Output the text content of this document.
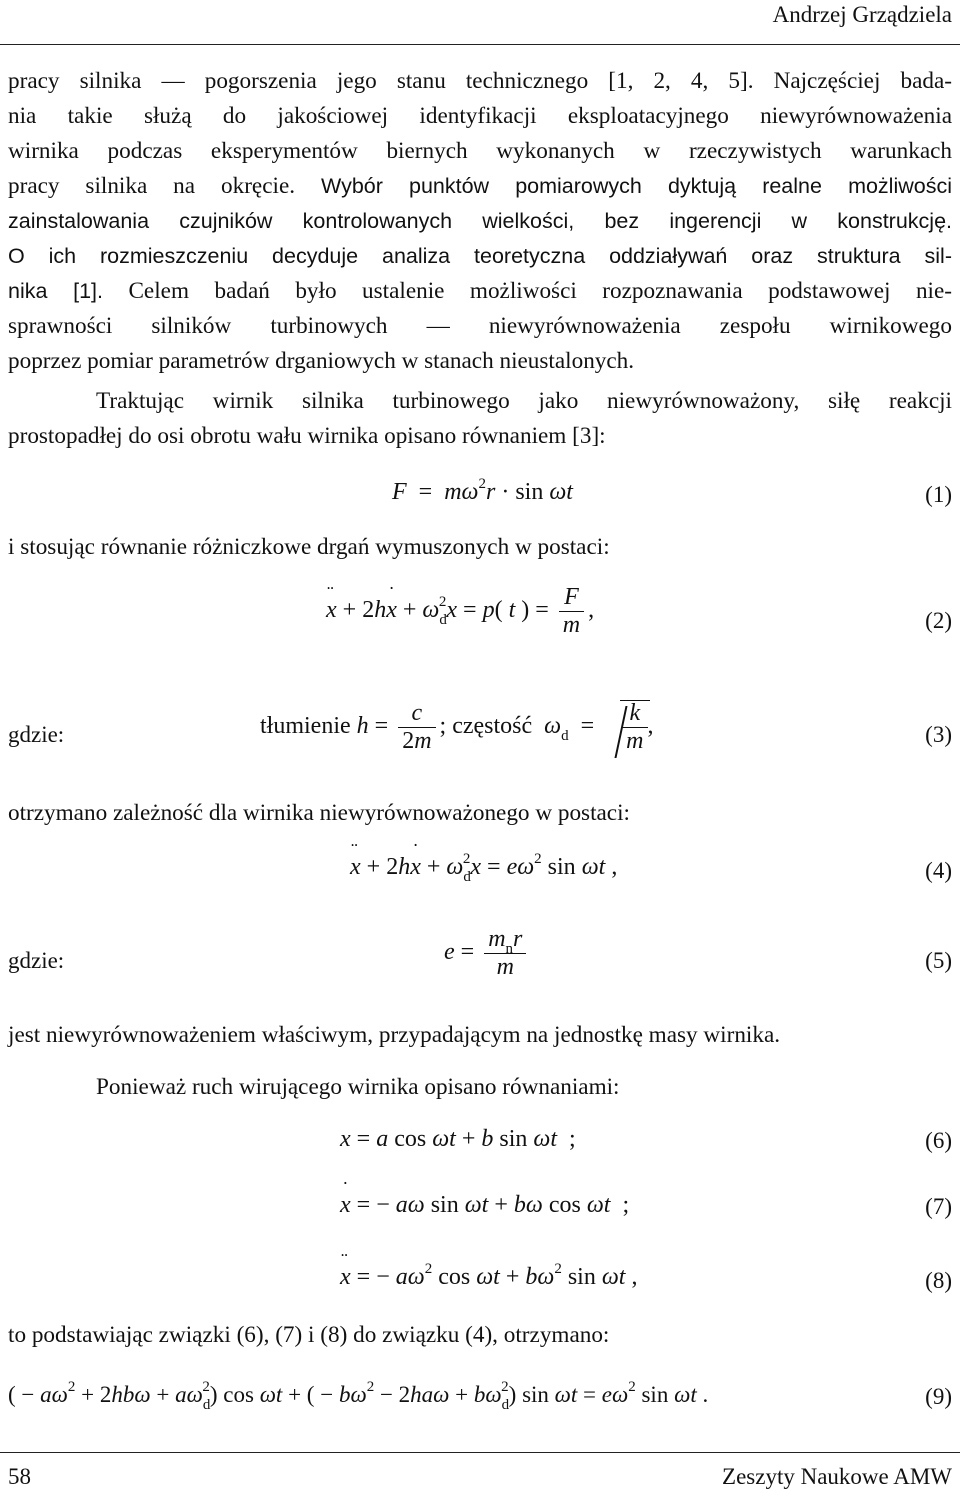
Andrzej Grządziela
pracy silnika — pogorszenia jego stanu technicznego [1, 2, 4, 5]. Najczęściej bada-
nia takie służą do jakościowej identyfikacji eksploatacyjnego niewyrównoważenia
wirnika podczas eksperymentów biernych wykonanych w rzeczywistych warunkach
pracy silnika na okręcie. Wybór punktów pomiarowych dyktują realne możliwości
zainstalowania czujników kontrolowanych wielkości, bez ingerencji w konstrukcję.
O ich rozmieszczeniu decyduje analiza teoretyczna oddziaływań oraz struktura sil-
nika [1]. Celem badań było ustalenie możliwości rozpoznawania podstawowej nie-
sprawności silników turbinowych — niewyrównoważenia zespołu wirnikowego
poprzez pomiar parametrów drganiowych w stanach nieustalonych.
Traktując wirnik silnika turbinowego jako niewyrównoważony, siłę reakcji
prostopadłej do osi obrotu wału wirnika opisano równaniem [3]:
$F = m\omega^2r \cdot \sin \omega t$	(1)
i stosując równanie różniczkowe drgań wymuszonych w postaci:
¨ x + 2h˙ $x + \omega_d^2x = p$( t ) = $\frac{F}{m}$ ,	(2)
gdzie:	tłumienie $h = \frac{c}{2m}$ ; częstość $\omega_d = \frac{k}{m}$ ,	(3)
otrzymano zależność dla wirnika niewyrównoważonego w postaci:
¨ x + 2h˙ $x + \omega_d^2x = e\omega^2$ sin ωt ,	(4)
gdzie:	$e = \frac{m_nr}{m}$	(5)
jest niewyrównoważeniem właściwym, przypadającym na jednostkę masy wirnika.
Ponieważ ruch wirującego wirnika opisano równaniami:
x = a cos ωt + b sin ωt  ;	(6)
˙ x = − aω sin ωt + bω cos ωt  ;	(7)
¨ x = − $a\omega^2$ $\cos \omega t + b\omega^2$ sin ωt ,	(8)
to podstawiając związki (6), (7) i (8) do związku (4), otrzymano:
( − $a\omega^2 + 2hb\omega + a\omega_d^2$) cos ωt + ( − $b\omega^2 - 2ha\omega + b\omega_d^2$) $\sin \omega t = e\omega^2$ sin ωt .	(9)
58	Zeszyty Naukowe AMW
